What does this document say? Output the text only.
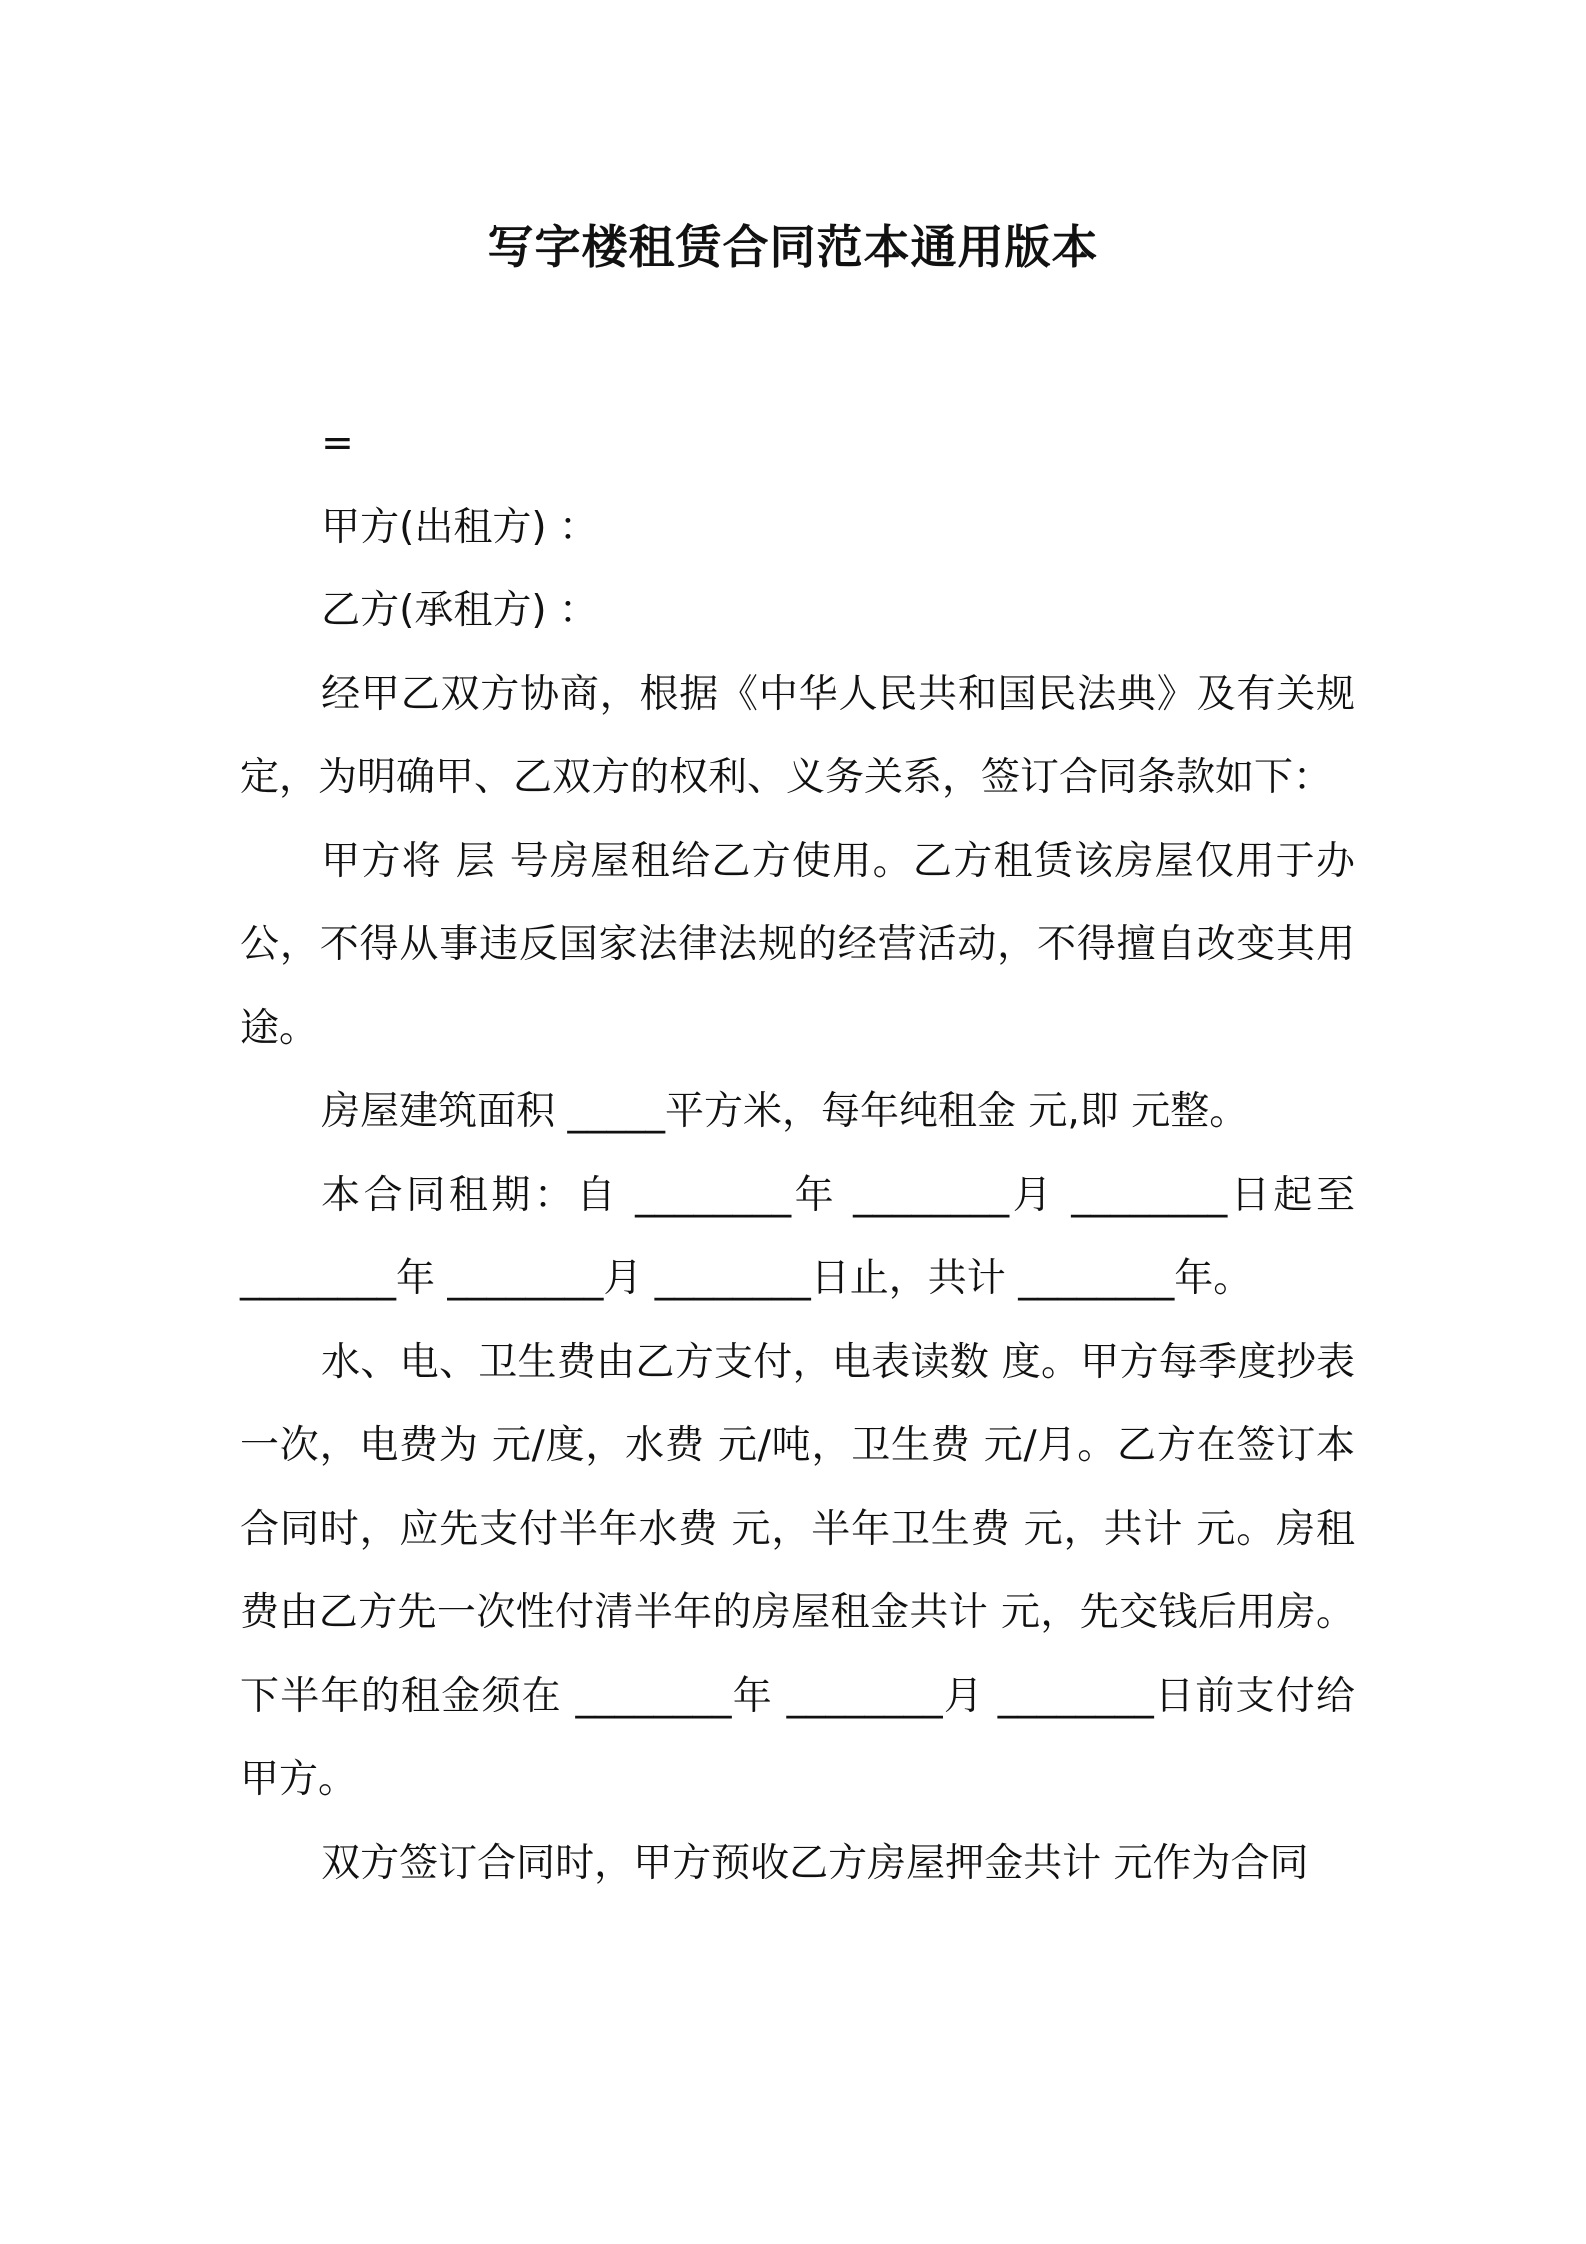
写字楼租赁合同范本通用版本

=

甲方(出租方) ：

乙方(承租方) ：

经甲乙双方协商，根据《中华人民共和国民法典》及有关规定，为明确甲、乙双方的权利、义务关系，签订合同条款如下：

甲方将 层 号房屋租给乙方使用。乙方租赁该房屋仅用于办公，不得从事违反国家法律法规的经营活动，不得擅自改变其用途。

房屋建筑面积 _____平方米，每年纯租金 元,即 元整。

本合同租期：自 ________年 ________月 ________日起至 ________年 ________月 ________日止，共计 ________年。

水、电、卫生费由乙方支付，电表读数 度。甲方每季度抄表一次，电费为 元/度，水费 元/吨，卫生费 元/月。乙方在签订本合同时，应先支付半年水费 元，半年卫生费 元，共计 元。房租费由乙方先一次性付清半年的房屋租金共计 元，先交钱后用房。下半年的租金须在 ________年 ________月 ________日前支付给甲方。

双方签订合同时，甲方预收乙方房屋押金共计 元作为合同
